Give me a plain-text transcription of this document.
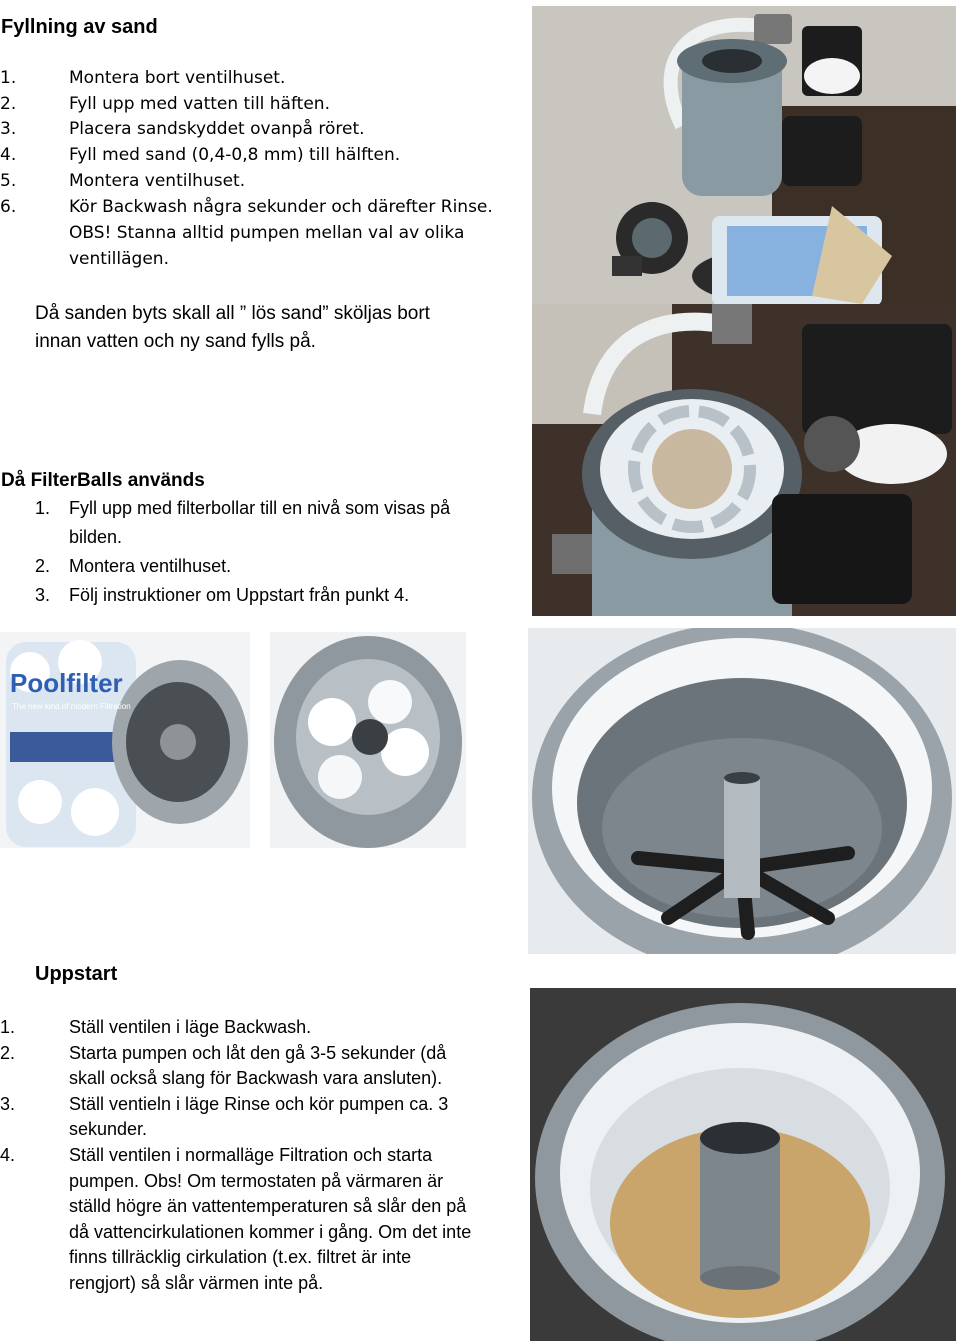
Fyllning av sand
1.	Montera bort ventilhuset.
2.	Fyll upp med vatten till häften.
3.	Placera sandskyddet ovanpå röret.
4.	Fyll med sand (0,4-0,8 mm) till hälften.
5.	Montera ventilhuset.
6.	Kör Backwash några sekunder och därefter Rinse.
OBS! Stanna alltid pumpen mellan val av olika
ventillägen.
Då sanden byts skall all ” lös sand” sköljas bort
innan vatten och ny sand fylls på.
Då FilterBalls används
1. Fyll upp med filterbollar till en nivå som visas på
bilden.
2. Montera ventilhuset.
3. Följ instruktioner om Uppstart från punkt 4.
Uppstart
1.	Ställ ventilen i läge Backwash.
2.	Starta pumpen och låt den gå 3-5 sekunder (då
skall också slang för Backwash vara ansluten).
3.	Ställ ventieln i läge Rinse och kör pumpen ca. 3
sekunder.
4.	Ställ ventilen i normalläge Filtration och starta
pumpen. Obs! Om termostaten på värmaren är
ställd högre än vattentemperaturen så slår den på
då vattencirkulationen kommer i gång. Om det inte
finns tillräcklig cirkulation (t.ex. filtret är inte
rengjort) så slår värmen inte på.
Poolfilter
The new kind of modern Filtration
